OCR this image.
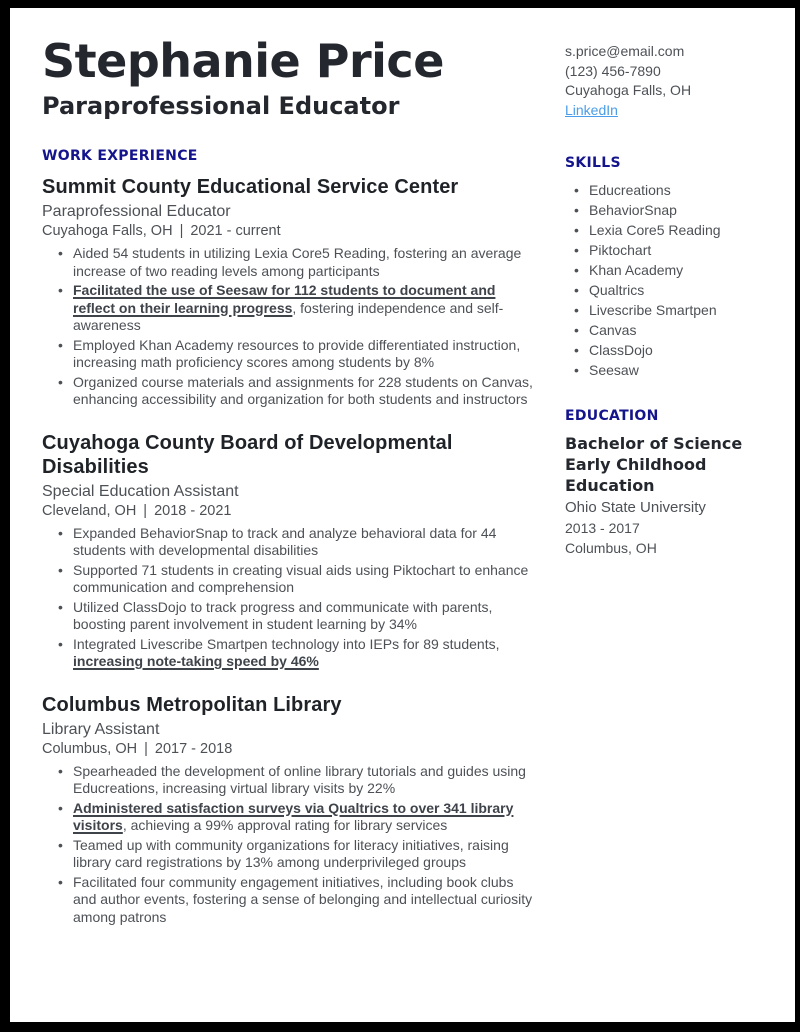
Stephanie Price
Paraprofessional Educator
WORK EXPERIENCE
Summit County Educational Service Center
Paraprofessional Educator
Cuyahoga Falls, OH | 2021 - current
• Aided 54 students in utilizing Lexia Core5 Reading, fostering an average increase of two reading levels among participants
• Facilitated the use of Seesaw for 112 students to document and reflect on their learning progress, fostering independence and self-awareness
• Employed Khan Academy resources to provide differentiated instruction, increasing math proficiency scores among students by 8%
• Organized course materials and assignments for 228 students on Canvas, enhancing accessibility and organization for both students and instructors
Cuyahoga County Board of Developmental Disabilities
Special Education Assistant
Cleveland, OH | 2018 - 2021
• Expanded BehaviorSnap to track and analyze behavioral data for 44 students with developmental disabilities
• Supported 71 students in creating visual aids using Piktochart to enhance communication and comprehension
• Utilized ClassDojo to track progress and communicate with parents, boosting parent involvement in student learning by 34%
• Integrated Livescribe Smartpen technology into IEPs for 89 students, increasing note-taking speed by 46%
Columbus Metropolitan Library
Library Assistant
Columbus, OH | 2017 - 2018
• Spearheaded the development of online library tutorials and guides using Educreations, increasing virtual library visits by 22%
• Administered satisfaction surveys via Qualtrics to over 341 library visitors, achieving a 99% approval rating for library services
• Teamed up with community organizations for literacy initiatives, raising library card registrations by 13% among underprivileged groups
• Facilitated four community engagement initiatives, including book clubs and author events, fostering a sense of belonging and intellectual curiosity among patrons
s.price@email.com
(123) 456-7890
Cuyahoga Falls, OH
LinkedIn
SKILLS
• Educreations
• BehaviorSnap
• Lexia Core5 Reading
• Piktochart
• Khan Academy
• Qualtrics
• Livescribe Smartpen
• Canvas
• ClassDojo
• Seesaw
EDUCATION
Bachelor of Science
Early Childhood
Education
Ohio State University
2013 - 2017
Columbus, OH
